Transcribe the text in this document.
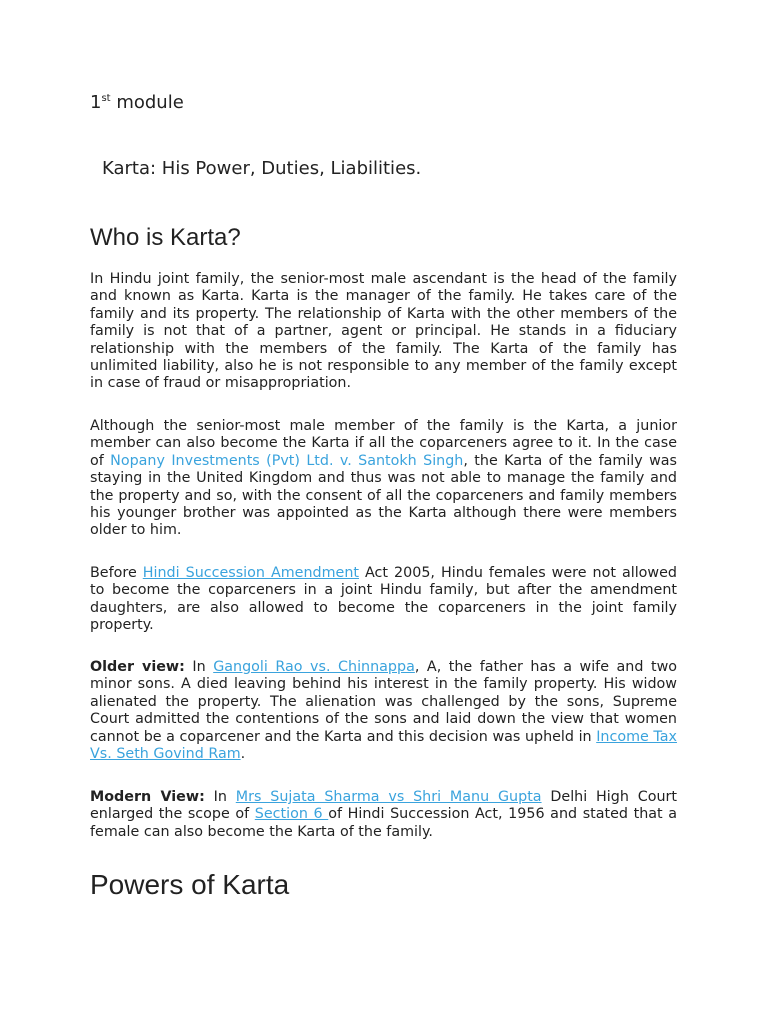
1st module
Karta: His Power, Duties, Liabilities.
Who is Karta?

In Hindu joint family, the senior-most male ascendant is the head of the family and known as Karta. Karta is the manager of the family. He takes care of the family and its property. The relationship of Karta with the other members of the family is not that of a partner, agent or principal. He stands in a fiduciary relationship with the members of the family. The Karta of the family has unlimited liability, also he is not responsible to any member of the family except in case of fraud or misappropriation.

Although the senior-most male member of the family is the Karta, a junior member can also become the Karta if all the coparceners agree to it. In the case of Nopany Investments (Pvt) Ltd. v. Santokh Singh, the Karta of the family was staying in the United Kingdom and thus was not able to manage the family and the property and so, with the consent of all the coparceners and family members his younger brother was appointed as the Karta although there were members older to him.

Before Hindi Succession Amendment Act 2005, Hindu females were not allowed to become the coparceners in a joint Hindu family, but after the amendment daughters, are also allowed to become the coparceners in the joint family property.

Older view: In Gangoli Rao vs. Chinnappa, A, the father has a wife and two minor sons. A died leaving behind his interest in the family property. His widow alienated the property. The alienation was challenged by the sons, Supreme Court admitted the contentions of the sons and laid down the view that women cannot be a coparcener and the Karta and this decision was upheld in Income Tax Vs. Seth Govind Ram.

Modern View: In Mrs Sujata Sharma vs Shri Manu Gupta Delhi High Court enlarged the scope of Section 6 of Hindi Succession Act, 1956 and stated that a female can also become the Karta of the family.

Powers of Karta
